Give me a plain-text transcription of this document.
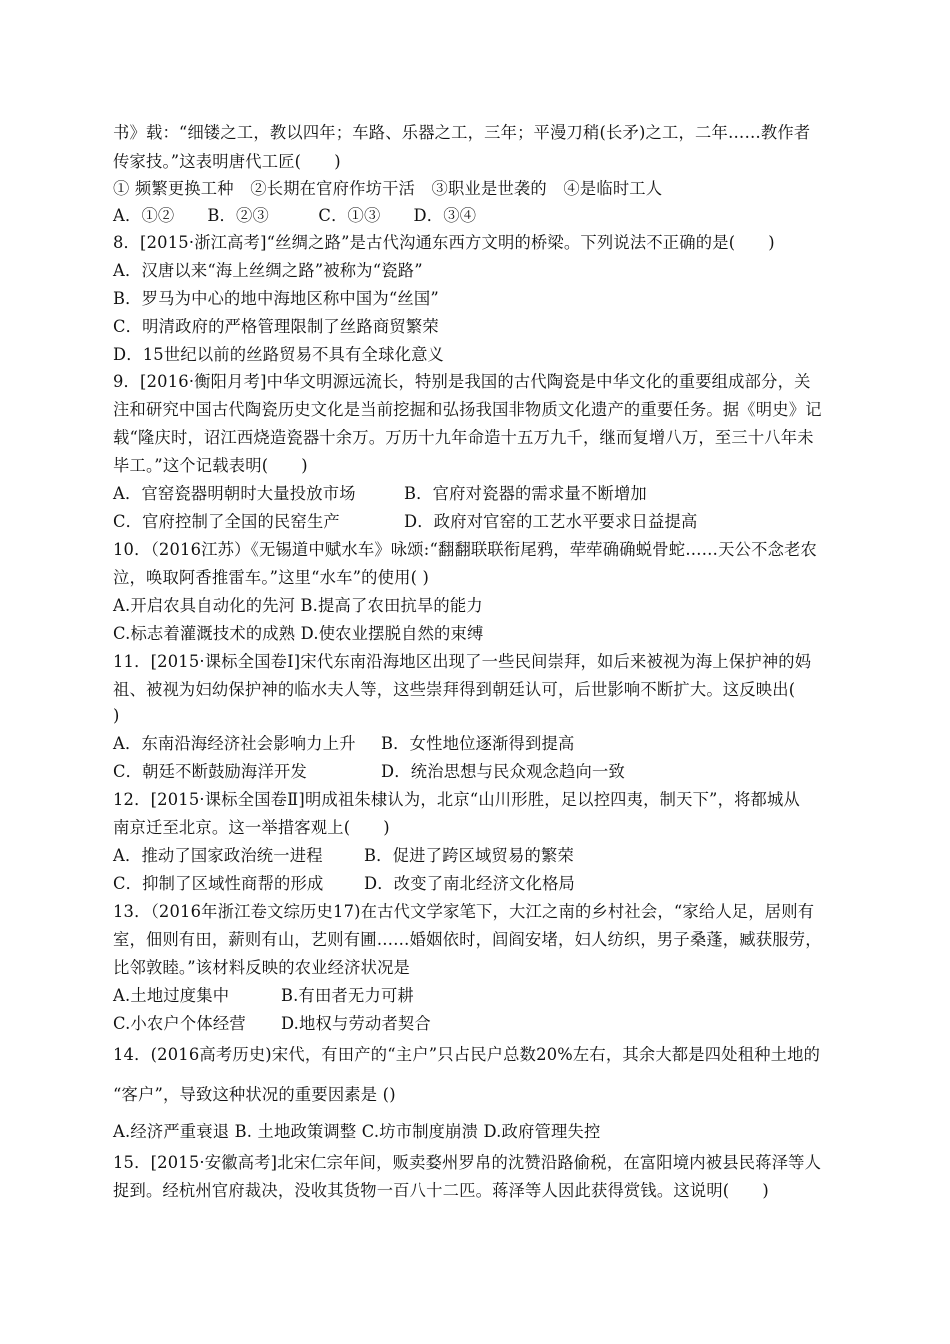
书》载：“细镂之工，教以四年；车路、乐器之工，三年；平漫刀稍(长矛)之工，二年……教作者
传家技。”这表明唐代工匠(　　)
① 频繁更换工种　②长期在官府作坊干活　③职业是世袭的　④是临时工人
A．①②　　B．②③　　　C．①③　　D．③④
8．[2015·浙江高考]“丝绸之路”是古代沟通东西方文明的桥梁。下列说法不正确的是(　　)
A．汉唐以来“海上丝绸之路”被称为“瓷路”
B．罗马为中心的地中海地区称中国为“丝国”
C．明清政府的严格管理限制了丝路商贸繁荣
D．15世纪以前的丝路贸易不具有全球化意义
9．[2016·衡阳月考]中华文明源远流长，特别是我国的古代陶瓷是中华文化的重要组成部分，关
注和研究中国古代陶瓷历史文化是当前挖掘和弘扬我国非物质文化遗产的重要任务。据《明史》记
载“隆庆时，诏江西烧造瓷器十余万。万历十九年命造十五万九千，继而复增八万，至三十八年未
毕工。”这个记载表明(　　)
A．官窑瓷器明朝时大量投放市场	B．官府对瓷器的需求量不断增加
C．官府控制了全国的民窑生产	D．政府对官窑的工艺水平要求日益提高
10．（2016江苏）《无锡道中赋水车》咏颂:“翻翻联联衔尾鸦，荦荦确确蜕骨蛇……天公不念老农
泣，唤取阿香推雷车。”这里“水车”的使用( )
A.开启农具自动化的先河 B.提高了农田抗旱的能力
C.标志着灌溉技术的成熟 D.使农业摆脱自然的束缚
11．[2015·课标全国卷Ⅰ]宋代东南沿海地区出现了一些民间崇拜，如后来被视为海上保护神的妈
祖、被视为妇幼保护神的临水夫人等，这些崇拜得到朝廷认可，后世影响不断扩大。这反映出(
)
A．东南沿海经济社会影响力上升 B．女性地位逐渐得到提高
C．朝廷不断鼓励海洋开发	D．统治思想与民众观念趋向一致
12．[2015·课标全国卷Ⅱ]明成祖朱棣认为，北京“山川形胜，足以控四夷，制天下”，将都城从
南京迁至北京。这一举措客观上(　　)
A．推动了国家政治统一进程	B．促进了跨区域贸易的繁荣
C．抑制了区域性商帮的形成 D．改变了南北经济文化格局
13．（2016年浙江卷文综历史17)在古代文学家笔下，大江之南的乡村社会，“家给人足，居则有
室，佃则有田，薪则有山，艺则有圃……婚姻依时，闾阎安堵，妇人纺织，男子桑蓬，臧获服劳，
比邻敦睦。”该材料反映的农业经济状况是
A.土地过度集中	B.有田者无力可耕
C.小农户个体经营 D.地权与劳动者契合
14．(2016高考历史)宋代，有田产的“主户”只占民户总数20%左右，其余大都是四处租种土地的
“客户”，导致这种状况的重要因素是 ()
A.经济严重衰退 B. 土地政策调整 C.坊市制度崩溃 D.政府管理失控
15．[2015·安徽高考]北宋仁宗年间，贩卖婺州罗帛的沈赞沿路偷税，在富阳境内被县民蒋泽等人
捉到。经杭州官府裁决，没收其货物一百八十二匹。蒋泽等人因此获得赏钱。这说明(　　)
